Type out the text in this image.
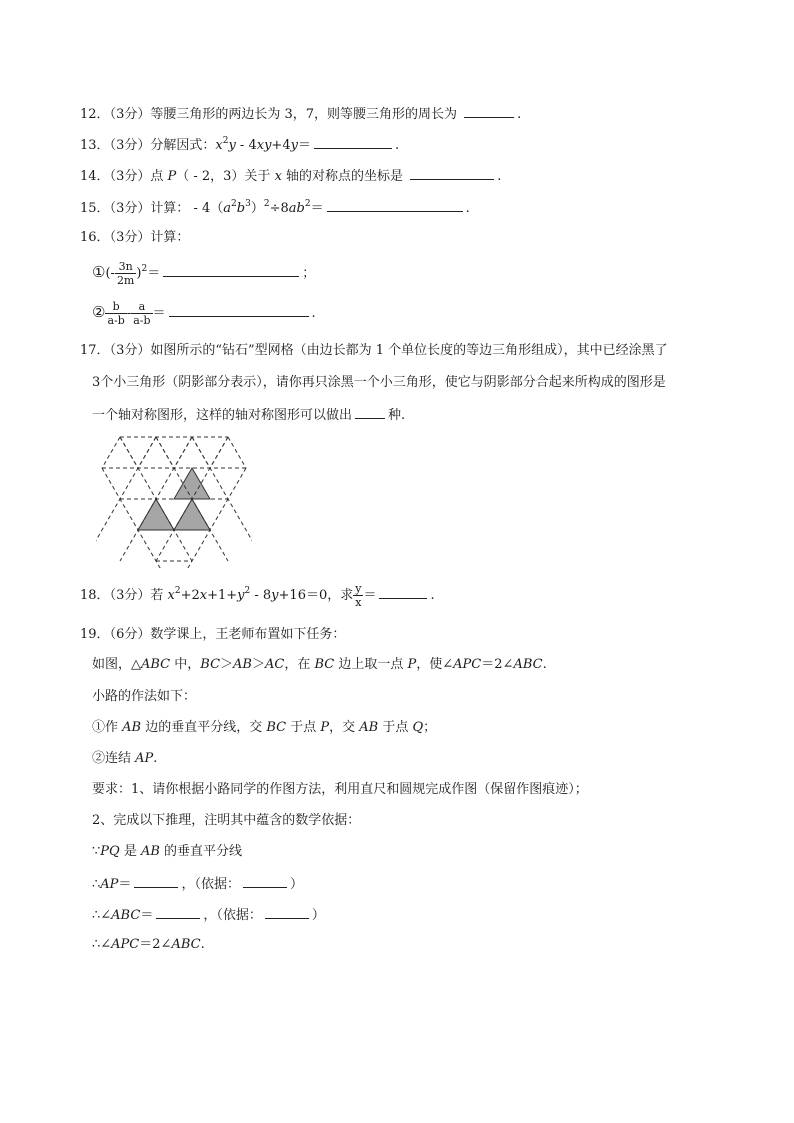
12．（3分）等腰三角形的两边长为 3，7，则等腰三角形的周长为	.
13．（3分）分解因式：$x^2y - 4xy+4y=$	.
14．（3分）点 P（ - 2，3）关于 x 轴的对称点的坐标是	.
15．（3分）计算： - $4(a^2b^3)^2\div 8ab^2=$	.
16．（3分）计算：
①(- $\frac{3n}{2m} )^2=$	；
② $\frac{b}{a-b} - \frac{a}{a-b}$ ＝	.
17．（3分）如图所示的“钻石”型网格（由边长都为 1 个单位长度的等边三角形组成），其中已经涂黑了
3个小三角形（阴影部分表示），请你再只涂黑一个小三角形，使它与阴影部分合起来所构成的图形是
一个轴对称图形，这样的轴对称图形可以做出	种.
18．（3分）若 $x^2+2x+1+y^2 - 8y+16=0$，求 $\frac{y}{x}$ ＝	.
19．（6分）数学课上，王老师布置如下任务：
如图，△ABC 中，BC＞AB＞AC，在 BC 边上取一点 P，使∠APC＝2∠ABC.
小路的作法如下：
①作 AB 边的垂直平分线，交 BC 于点 P，交 AB 于点 Q；
②连结 AP.
要求：1、请你根据小路同学的作图方法，利用直尺和圆规完成作图（保留作图痕迹）；
2、完成以下推理，注明其中蕴含的数学依据：
∵PQ 是 AB 的垂直平分线
∴AP＝	，（依据：	）
∴∠ABC＝	，（依据：	）
∴∠APC＝2∠ABC.
